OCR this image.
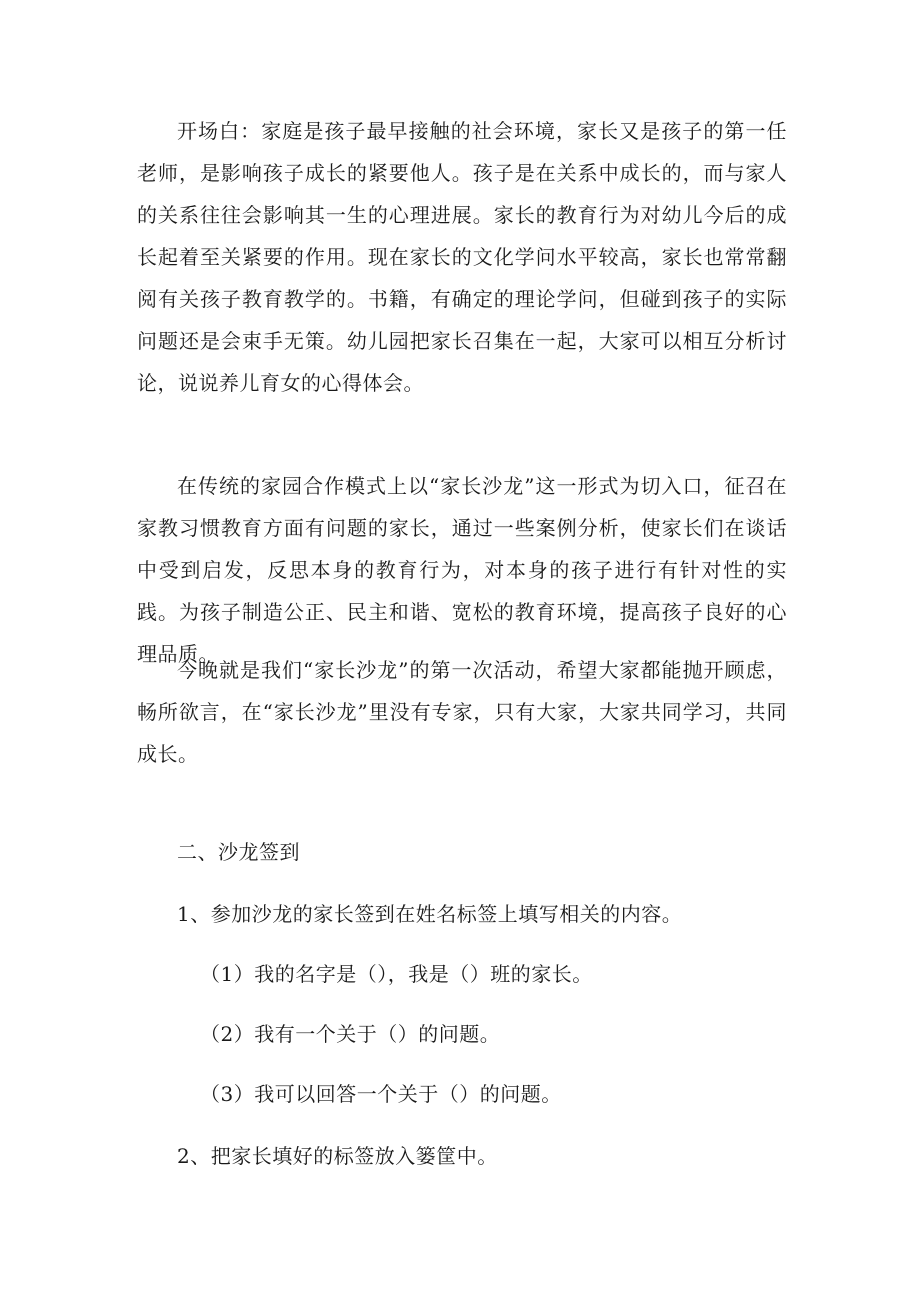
开场白：家庭是孩子最早接触的社会环境，家长又是孩子的第一任老师，是影响孩子成长的紧要他人。孩子是在关系中成长的，而与家人的关系往往会影响其一生的心理进展。家长的教育行为对幼儿今后的成长起着至关紧要的作用。现在家长的文化学问水平较高，家长也常常翻阅有关孩子教育教学的。书籍，有确定的理论学问，但碰到孩子的实际问题还是会束手无策。幼儿园把家长召集在一起，大家可以相互分析讨论，说说养儿育女的心得体会。

在传统的家园合作模式上以“家长沙龙”这一形式为切入口，征召在家教习惯教育方面有问题的家长，通过一些案例分析，使家长们在谈话中受到启发，反思本身的教育行为，对本身的孩子进行有针对性的实践。为孩子制造公正、民主和谐、宽松的教育环境，提高孩子良好的心理品质。

今晚就是我们“家长沙龙”的第一次活动，希望大家都能抛开顾虑，畅所欲言，在“家长沙龙”里没有专家，只有大家，大家共同学习，共同成长。

二、沙龙签到

1、参加沙龙的家长签到在姓名标签上填写相关的内容。

（1）我的名字是（），我是（）班的家长。

（2）我有一个关于（）的问题。

（3）我可以回答一个关于（）的问题。

2、把家长填好的标签放入篓筐中。
